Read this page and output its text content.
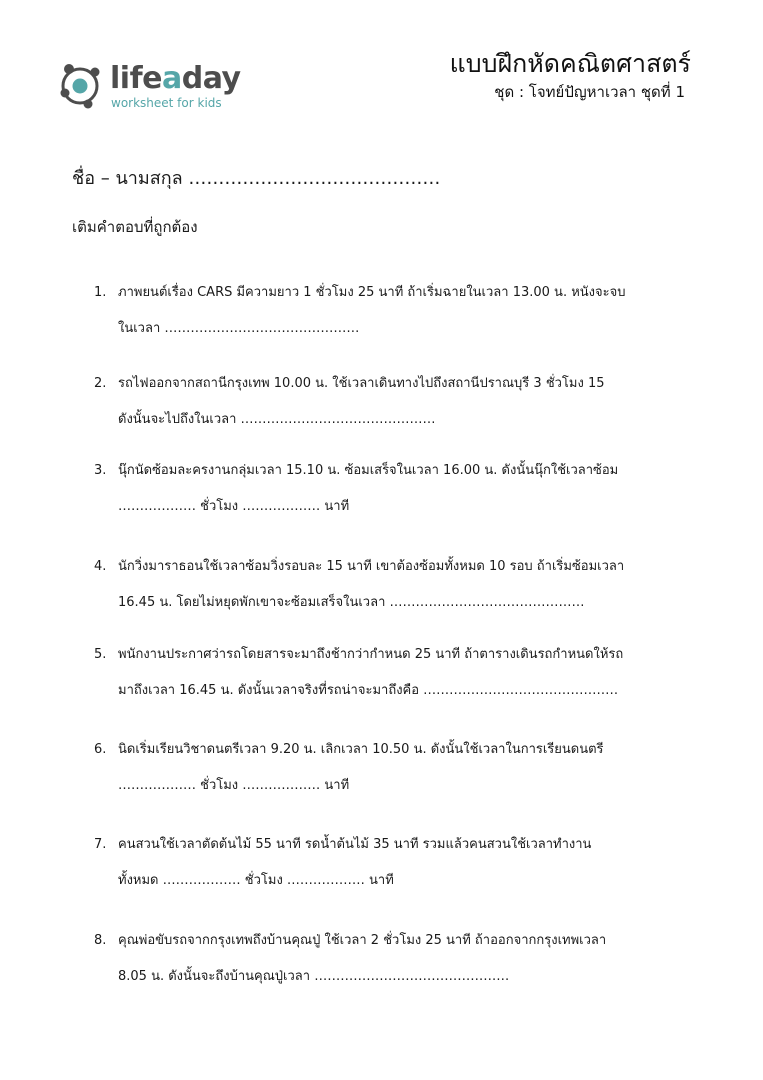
lifeaday
worksheet for kids
แบบฝึกหัดคณิตศาสตร์
ชุด : โจทย์ปัญหาเวลา ชุดที่ 1
ชื่อ – นามสกุล ……………………………………
เติมคำตอบที่ถูกต้อง
1. ภาพยนต์เรื่อง CARS มีความยาว 1 ชั่วโมง 25 นาที ถ้าเริ่มฉายในเวลา 13.00 น. หนังจะจบ
ในเวลา ………………………………………
2. รถไฟออกจากสถานีกรุงเทพ 10.00 น. ใช้เวลาเดินทางไปถึงสถานีปราณบุรี 3 ชั่วโมง 15
ดังนั้นจะไปถึงในเวลา ………………………………………
3. นุ๊กนัดซ้อมละครงานกลุ่มเวลา 15.10 น. ซ้อมเสร็จในเวลา 16.00 น. ดังนั้นนุ๊กใช้เวลาซ้อม
……………… ชั่วโมง ……………… นาที
4. นักวิ่งมาราธอนใช้เวลาซ้อมวิ่งรอบละ 15 นาที เขาต้องซ้อมทั้งหมด 10 รอบ ถ้าเริ่มซ้อมเวลา
16.45 น. โดยไม่หยุดพักเขาจะซ้อมเสร็จในเวลา ………………………………………
5. พนักงานประกาศว่ารถโดยสารจะมาถึงช้ากว่ากำหนด 25 นาที ถ้าตารางเดินรถกำหนดให้รถ
มาถึงเวลา 16.45 น. ดังนั้นเวลาจริงที่รถน่าจะมาถึงคือ ………………………………………
6. นิดเริ่มเรียนวิชาดนตรีเวลา 9.20 น. เลิกเวลา 10.50 น. ดังนั้นใช้เวลาในการเรียนดนตรี
……………… ชั่วโมง ……………… นาที
7. คนสวนใช้เวลาตัดต้นไม้ 55 นาที รดน้ำต้นไม้ 35 นาที รวมแล้วคนสวนใช้เวลาทำงาน
ทั้งหมด ……………… ชั่วโมง ……………… นาที
8. คุณพ่อขับรถจากกรุงเทพถึงบ้านคุณปู่ ใช้เวลา 2 ชั่วโมง 25 นาที ถ้าออกจากกรุงเทพเวลา
8.05 น. ดังนั้นจะถึงบ้านคุณปู่เวลา ………………………………………
